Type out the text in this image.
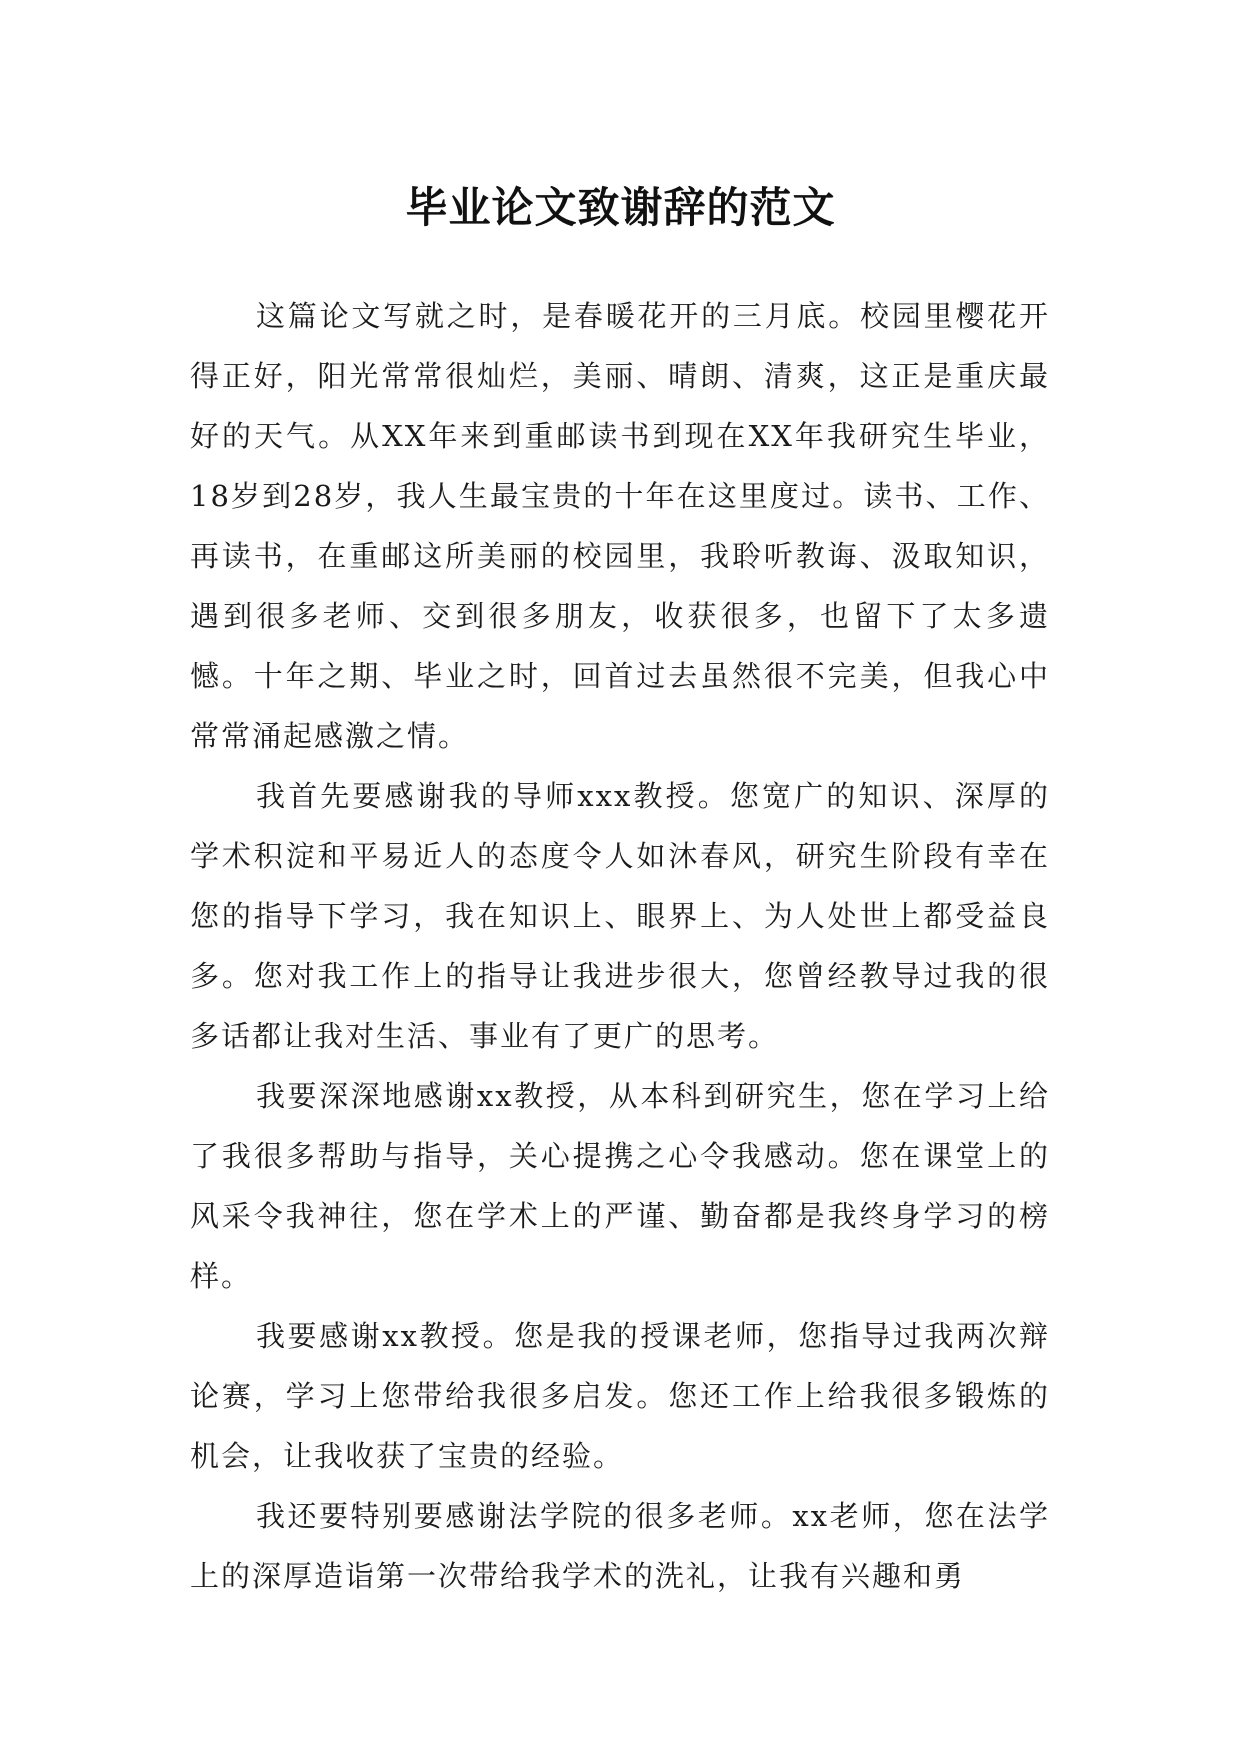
毕业论文致谢辞的范文

这篇论文写就之时，是春暖花开的三月底。校园里樱花开得正好，阳光常常很灿烂，美丽、晴朗、清爽，这正是重庆最好的天气。从XX年来到重邮读书到现在XX年我研究生毕业，18岁到28岁，我人生最宝贵的十年在这里度过。读书、工作、再读书，在重邮这所美丽的校园里，我聆听教诲、汲取知识，遇到很多老师、交到很多朋友，收获很多，也留下了太多遗憾。十年之期、毕业之时，回首过去虽然很不完美，但我心中常常涌起感激之情。

我首先要感谢我的导师xxx教授。您宽广的知识、深厚的学术积淀和平易近人的态度令人如沐春风，研究生阶段有幸在您的指导下学习，我在知识上、眼界上、为人处世上都受益良多。您对我工作上的指导让我进步很大，您曾经教导过我的很多话都让我对生活、事业有了更广的思考。

我要深深地感谢xx教授，从本科到研究生，您在学习上给了我很多帮助与指导，关心提携之心令我感动。您在课堂上的风采令我神往，您在学术上的严谨、勤奋都是我终身学习的榜样。

我要感谢xx教授。您是我的授课老师，您指导过我两次辩论赛，学习上您带给我很多启发。您还工作上给我很多锻炼的机会，让我收获了宝贵的经验。

我还要特别要感谢法学院的很多老师。xx老师，您在法学上的深厚造诣第一次带给我学术的洗礼，让我有兴趣和勇
